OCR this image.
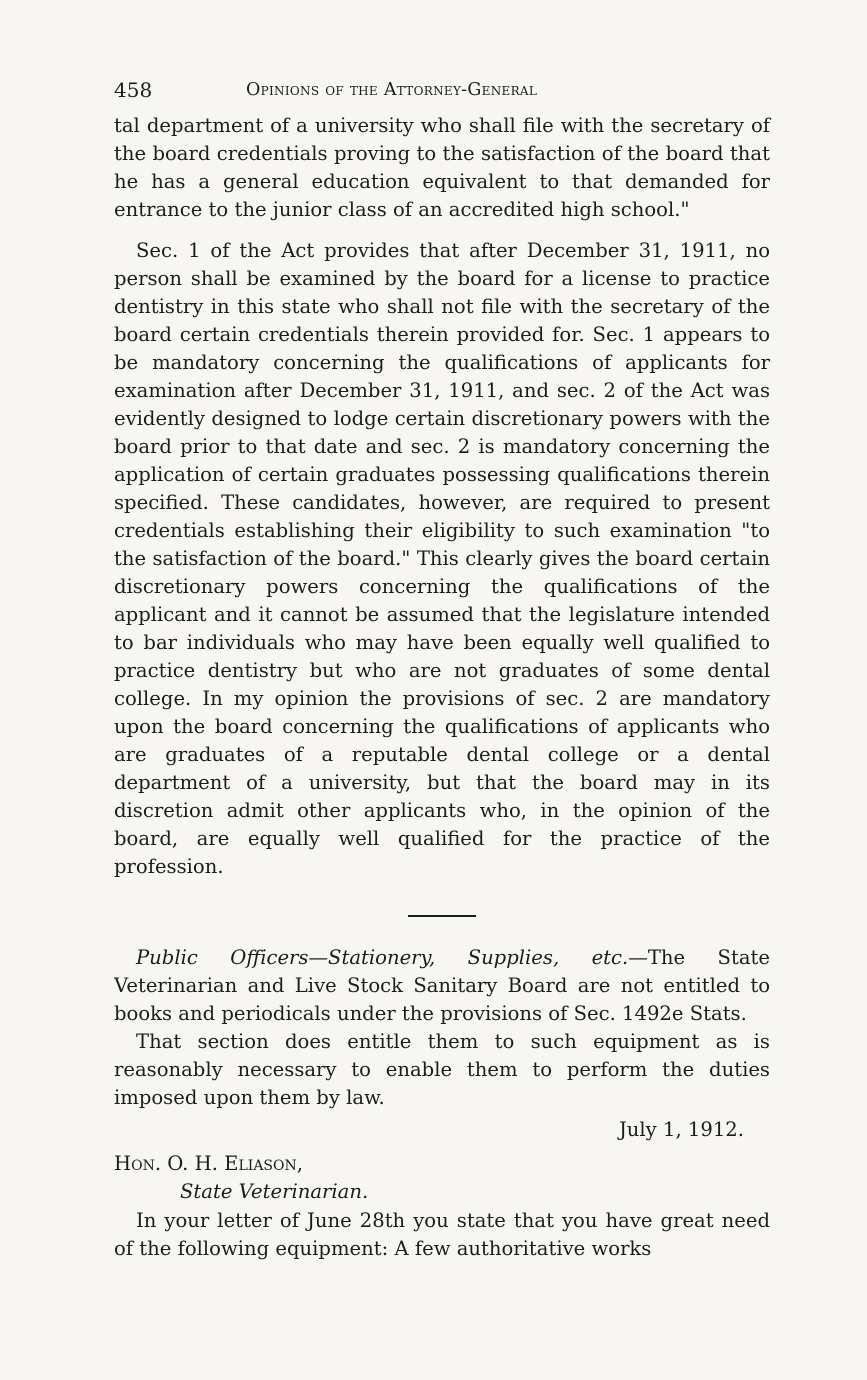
458	Opinions of the Attorney-General

tal department of a university who shall file with the secretary of the board credentials proving to the satisfaction of the board that he has a general education equivalent to that demanded for entrance to the junior class of an accredited high school."

Sec. 1 of the Act provides that after December 31, 1911, no person shall be examined by the board for a license to practice dentistry in this state who shall not file with the secretary of the board certain credentials therein provided for. Sec. 1 appears to be mandatory concerning the qualifications of applicants for examination after December 31, 1911, and sec. 2 of the Act was evidently designed to lodge certain discretionary powers with the board prior to that date and sec. 2 is mandatory concerning the application of certain graduates possessing qualifications therein specified. These candidates, however, are required to present credentials establishing their eligibility to such examination "to the satisfaction of the board." This clearly gives the board certain discretionary powers concerning the qualifications of the applicant and it cannot be assumed that the legislature intended to bar individuals who may have been equally well qualified to practice dentistry but who are not graduates of some dental college. In my opinion the provisions of sec. 2 are mandatory upon the board concerning the qualifications of applicants who are graduates of a reputable dental college or a dental department of a university, but that the board may in its discretion admit other applicants who, in the opinion of the board, are equally well qualified for the practice of the profession.

Public Officers—Stationery, Supplies, etc.—The State Veterinarian and Live Stock Sanitary Board are not entitled to books and periodicals under the provisions of Sec. 1492e Stats.

That section does entitle them to such equipment as is reasonably necessary to enable them to perform the duties imposed upon them by law.

July 1, 1912.

Hon. O. H. Eliason,

State Veterinarian.

In your letter of June 28th you state that you have great need of the following equipment: A few authoritative works
